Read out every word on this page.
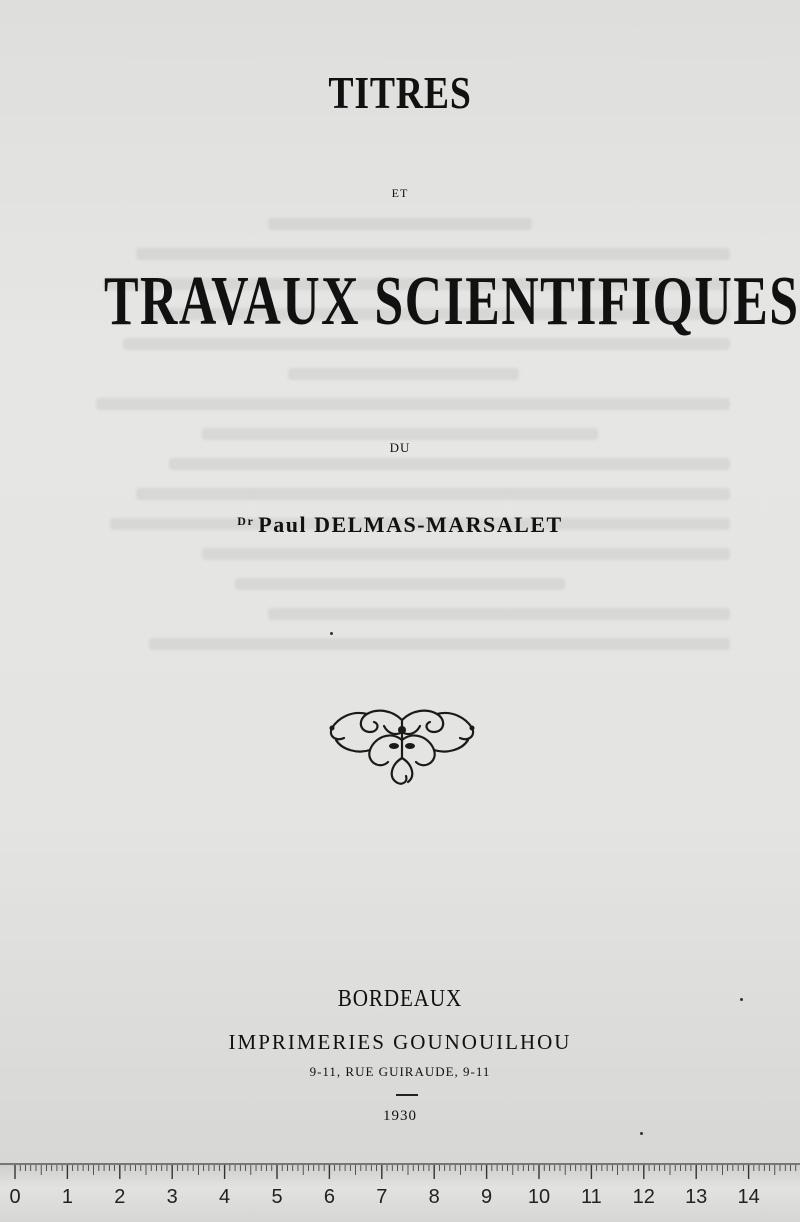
TITRES
ET
TRAVAUX SCIENTIFIQUES
DU
$^{Dr}$ Paul DELMAS-MARSALET
BORDEAUX
IMPRIMERIES GOUNOUILHOU
9-11, RUE GUIRAUDE, 9-11
1930
0 1 2 3 4 5 6 7 8 9 10 11 12 13 14
